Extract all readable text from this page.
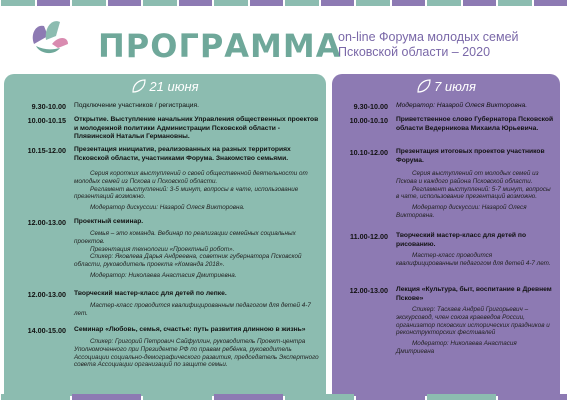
ПРОГРАММА
on-line Форума молодых семей Псковской области – 2020
21 июня
9.30-10.00 Подключение участников / регистрация.
10.00-10.15 Открытие. Выступление начальник Управления общественных проектов и молодежной политики Администрации Псковской области - Плявинской Натальи Германовны.
10.15-12.00 Презентация инициатив, реализованных на разных территориях Псковской области, участниками Форума. Знакомство семьями.

Серия коротких выступлений о своей общественной деятельности от молодых семей из Пскова и Псковской области.

Регламент выступлений: 3-5 минут, вопросы в чате, использование презентаций возможно.

Модератор дискуссии: Назарой Олеся Викторовна.

12.00-13.00 Проектный семинар.

Семья – это команда. Вебинар по реализации семейных социальных проектов.

Презентация технологии «Проектный робот».

Спикер: Яковлева Дарья Андреевна, советник губернатора Псковской области, руководитель проекта «Команда 2018».

Модератор: Николаева Анастасия Дмитриевна.

12.00-13.00 Творческий мастер-класс для детей по лепке.

Мастер-класс проводится квалифицированным педагогом для детей 4-7 лет.

14.00-15.00 Семинар «Любовь, семья, счастье: путь развития длинною в жизнь»

Спикер: Григорий Петрович Сайфуллин, руководитель Проект-центра Уполномоченного при Президенте РФ по правам ребёнка, руководитель Ассоциации социально-демографического развития, председатель Экспертного совета Ассоциации организаций по защите семьи.

7 июля
9.30-10.00 Модератор: Назарой Олеся Викторовна.
10.00-10.10 Приветственное слово Губернатора Псковской области Ведерникова Михаила Юрьевича.
10.10-12.00 Презентация итоговых проектов участников Форума.

Серия выступлений от молодых семей из Пскова и каждого района Псковской области.

Регламент выступлений: 5-7 минут, вопросы в чате, использование презентаций возможно.

Модератор дискуссии: Назарой Олеся Викторовна.

11.00-12.00 Творческий мастер-класс для детей по рисованию.

Мастер-класс проводится квалифицированным педагогом для детей 4-7 лет.

12.00-13.00 Лекция «Культура, быт, воспитание в Древнем Пскове»

Спикер: Таскаев Андрей Григорьевич – экскурсовод, член союза краеведов России, организатор псковских исторических праздников и реконструкторских фестивалей

Модератор: Николаева Анастасия Дмитриевна
